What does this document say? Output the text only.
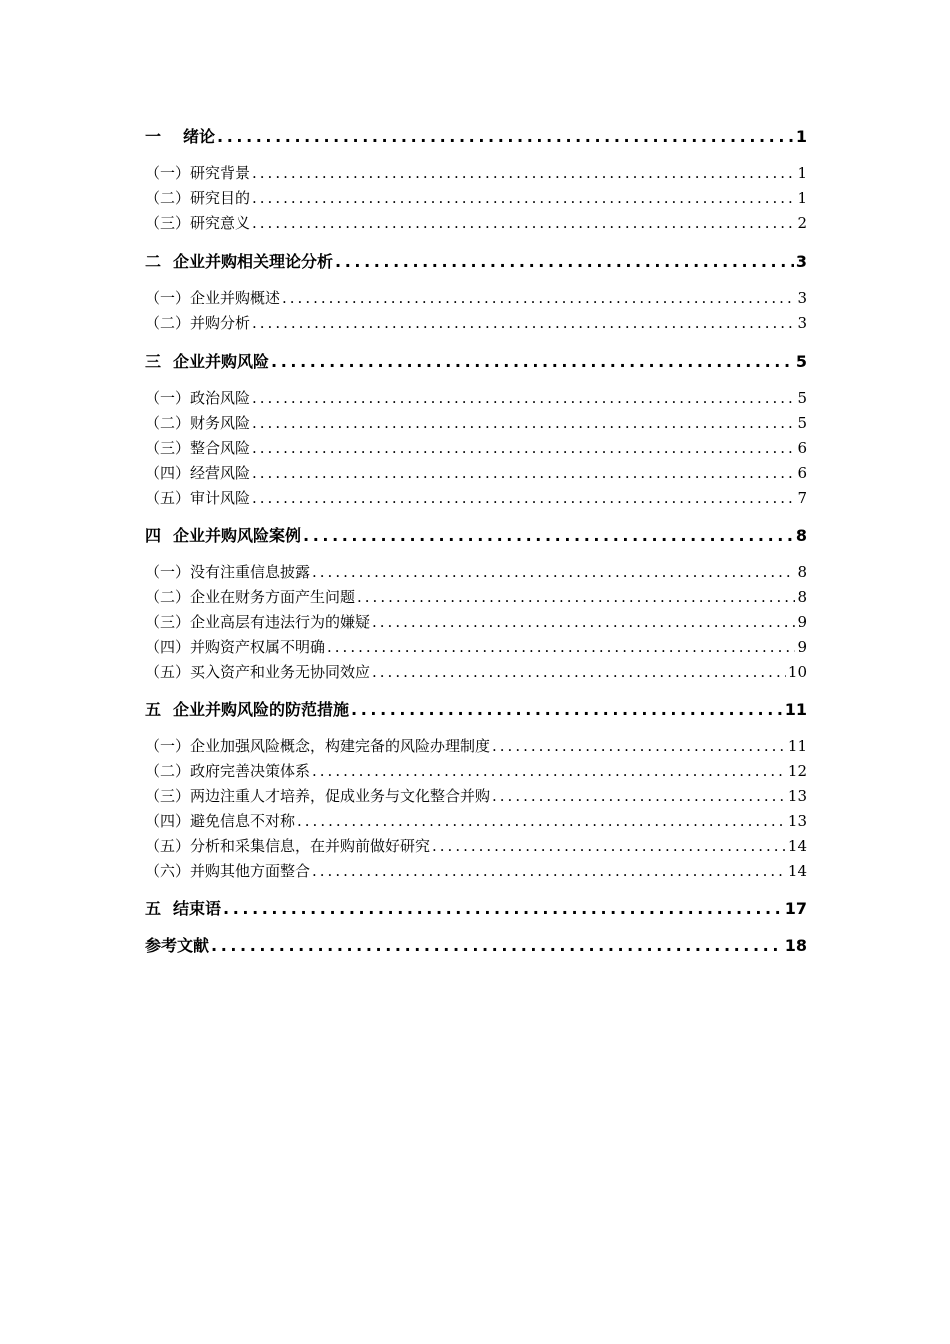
一 绪论 .....	1
（一）研究背景 .....	1
（二）研究目的 .....	1
（三）研究意义 .....	2
二 企业并购相关理论分析 .....	3
（一）企业并购概述 .....	3
（二）并购分析 .....	3
三 企业并购风险 .....	5
（一）政治风险 .....	5
（二）财务风险 .....	5
（三）整合风险 .....	6
（四）经营风险 .....	6
（五）审计风险 .....	7
四 企业并购风险案例 .....	8
（一）没有注重信息披露 .....	8
（二）企业在财务方面产生问题 .....	8
（三）企业高层有违法行为的嫌疑 .....	9
（四）并购资产权属不明确 .....	9
（五）买入资产和业务无协同效应 .....	10
五 企业并购风险的防范措施 .....	11
（一）企业加强风险概念，构建完备的风险办理制度 .....	11
（二）政府完善决策体系 .....	12
（三）两边注重人才培养，促成业务与文化整合并购 .....	13
（四）避免信息不对称 .....	13
（五）分析和采集信息，在并购前做好研究 .....	14
（六）并购其他方面整合 .....	14
五 结束语 .....	17
参考文献 .....	18
